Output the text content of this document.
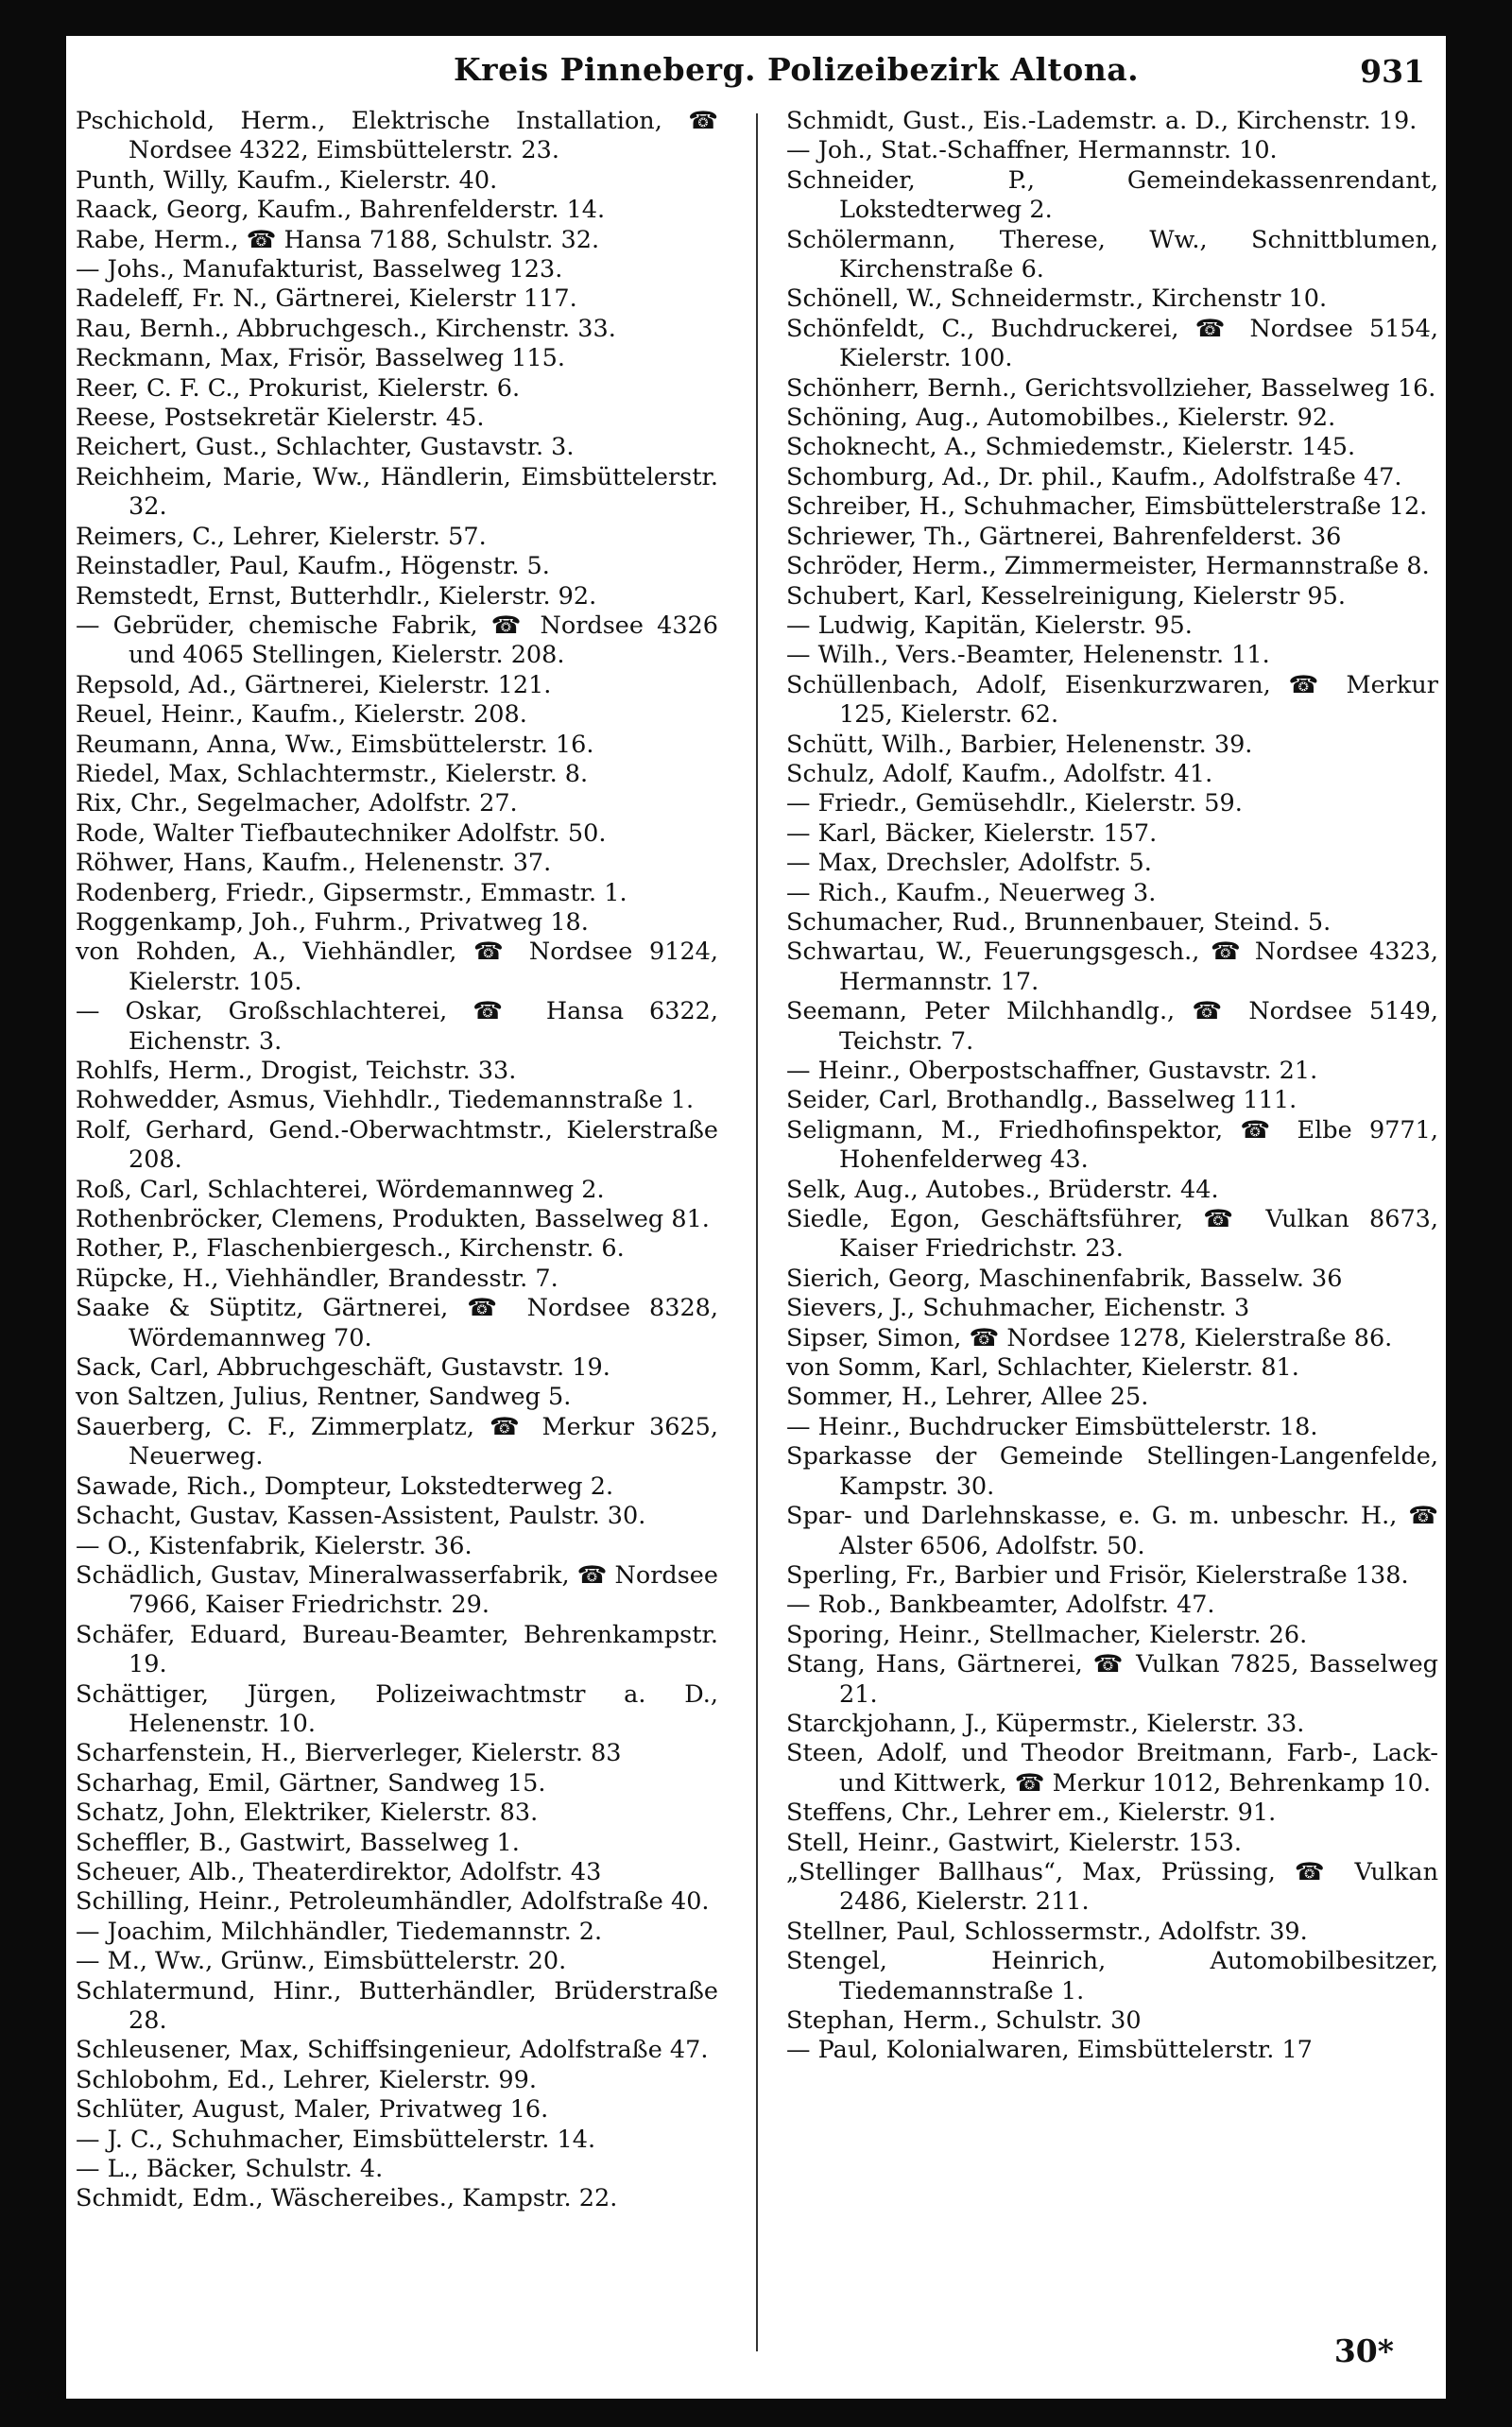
Kreis Pinneberg. Polizeibezirk Altona.	931
Pschichold, Herm., Elektrische Installation, ☎ Nordsee 4322, Eimsbüttelerstr. 23.
Punth, Willy, Kaufm., Kielerstr. 40.
Raack, Georg, Kaufm., Bahrenfelderstr. 14.
Rabe, Herm., ☎ Hansa 7188, Schulstr. 32.
— Johs., Manufakturist, Basselweg 123.
Radeleff, Fr. N., Gärtnerei, Kielerstr 117.
Rau, Bernh., Abbruchgesch., Kirchenstr. 33.
Reckmann, Max, Frisör, Basselweg 115.
Reer, C. F. C., Prokurist, Kielerstr. 6.
Reese, Postsekretär Kielerstr. 45.
Reichert, Gust., Schlachter, Gustavstr. 3.
Reichheim, Marie, Ww., Händlerin, Eimsbüttelerstr. 32.
Reimers, C., Lehrer, Kielerstr. 57.
Reinstadler, Paul, Kaufm., Högenstr. 5.
Remstedt, Ernst, Butterhdlr., Kielerstr. 92.
— Gebrüder, chemische Fabrik, ☎ Nordsee 4326 und 4065 Stellingen, Kielerstr. 208.
Repsold, Ad., Gärtnerei, Kielerstr. 121.
Reuel, Heinr., Kaufm., Kielerstr. 208.
Reumann, Anna, Ww., Eimsbüttelerstr. 16.
Riedel, Max, Schlachtermstr., Kielerstr. 8.
Rix, Chr., Segelmacher, Adolfstr. 27.
Rode, Walter Tiefbautechniker Adolfstr. 50.
Röhwer, Hans, Kaufm., Helenenstr. 37.
Rodenberg, Friedr., Gipsermstr., Emmastr. 1.
Roggenkamp, Joh., Fuhrm., Privatweg 18.
von Rohden, A., Viehhändler, ☎ Nordsee 9124, Kielerstr. 105.
— Oskar, Großschlachterei, ☎ Hansa 6322, Eichenstr. 3.
Rohlfs, Herm., Drogist, Teichstr. 33.
Rohwedder, Asmus, Viehhdlr., Tiedemannstraße 1.
Rolf, Gerhard, Gend.-Oberwachtmstr., Kielerstraße 208.
Roß, Carl, Schlachterei, Wördemannweg 2.
Rothenbröcker, Clemens, Produkten, Basselweg 81.
Rother, P., Flaschenbiergesch., Kirchenstr. 6.
Rüpcke, H., Viehhändler, Brandesstr. 7.
Saake & Süptitz, Gärtnerei, ☎ Nordsee 8328, Wördemannweg 70.
Sack, Carl, Abbruchgeschäft, Gustavstr. 19.
von Saltzen, Julius, Rentner, Sandweg 5.
Sauerberg, C. F., Zimmerplatz, ☎ Merkur 3625, Neuerweg.
Sawade, Rich., Dompteur, Lokstedterweg 2.
Schacht, Gustav, Kassen-Assistent, Paulstr. 30.
— O., Kistenfabrik, Kielerstr. 36.
Schädlich, Gustav, Mineralwasserfabrik, ☎ Nordsee 7966, Kaiser Friedrichstr. 29.
Schäfer, Eduard, Bureau-Beamter, Behrenkampstr. 19.
Schättiger, Jürgen, Polizeiwachtmstr a. D., Helenenstr. 10.
Scharfenstein, H., Bierverleger, Kielerstr. 83
Scharhag, Emil, Gärtner, Sandweg 15.
Schatz, John, Elektriker, Kielerstr. 83.
Scheffler, B., Gastwirt, Basselweg 1.
Scheuer, Alb., Theaterdirektor, Adolfstr. 43
Schilling, Heinr., Petroleumhändler, Adolfstraße 40.
— Joachim, Milchhändler, Tiedemannstr. 2.
— M., Ww., Grünw., Eimsbüttelerstr. 20.
Schlatermund, Hinr., Butterhändler, Brüderstraße 28.
Schleusener, Max, Schiffsingenieur, Adolfstraße 47.
Schlobohm, Ed., Lehrer, Kielerstr. 99.
Schlüter, August, Maler, Privatweg 16.
— J. C., Schuhmacher, Eimsbüttelerstr. 14.
— L., Bäcker, Schulstr. 4.
Schmidt, Edm., Wäschereibes., Kampstr. 22.
Schmidt, Gust., Eis.-Lademstr. a. D., Kirchenstr. 19.
— Joh., Stat.-Schaffner, Hermannstr. 10.
Schneider, P., Gemeindekassenrendant, Lokstedterweg 2.
Schölermann, Therese, Ww., Schnittblumen, Kirchenstraße 6.
Schönell, W., Schneidermstr., Kirchenstr 10.
Schönfeldt, C., Buchdruckerei, ☎ Nordsee 5154, Kielerstr. 100.
Schönherr, Bernh., Gerichtsvollzieher, Basselweg 16.
Schöning, Aug., Automobilbes., Kielerstr. 92.
Schoknecht, A., Schmiedemstr., Kielerstr. 145.
Schomburg, Ad., Dr. phil., Kaufm., Adolfstraße 47.
Schreiber, H., Schuhmacher, Eimsbüttelerstraße 12.
Schriewer, Th., Gärtnerei, Bahrenfelderst. 36
Schröder, Herm., Zimmermeister, Hermannstraße 8.
Schubert, Karl, Kesselreinigung, Kielerstr 95.
— Ludwig, Kapitän, Kielerstr. 95.
— Wilh., Vers.-Beamter, Helenenstr. 11.
Schüllenbach, Adolf, Eisenkurzwaren, ☎ Merkur 125, Kielerstr. 62.
Schütt, Wilh., Barbier, Helenenstr. 39.
Schulz, Adolf, Kaufm., Adolfstr. 41.
— Friedr., Gemüsehdlr., Kielerstr. 59.
— Karl, Bäcker, Kielerstr. 157.
— Max, Drechsler, Adolfstr. 5.
— Rich., Kaufm., Neuerweg 3.
Schumacher, Rud., Brunnenbauer, Steind. 5.
Schwartau, W., Feuerungsgesch., ☎ Nordsee 4323, Hermannstr. 17.
Seemann, Peter Milchhandlg., ☎ Nordsee 5149, Teichstr. 7.
— Heinr., Oberpostschaffner, Gustavstr. 21.
Seider, Carl, Brothandlg., Basselweg 111.
Seligmann, M., Friedhofinspektor, ☎ Elbe 9771, Hohenfelderweg 43.
Selk, Aug., Autobes., Brüderstr. 44.
Siedle, Egon, Geschäftsführer, ☎ Vulkan 8673, Kaiser Friedrichstr. 23.
Sierich, Georg, Maschinenfabrik, Basselw. 36
Sievers, J., Schuhmacher, Eichenstr. 3
Sipser, Simon, ☎ Nordsee 1278, Kielerstraße 86.
von Somm, Karl, Schlachter, Kielerstr. 81.
Sommer, H., Lehrer, Allee 25.
— Heinr., Buchdrucker Eimsbüttelerstr. 18.
Sparkasse der Gemeinde Stellingen-Langenfelde, Kampstr. 30.
Spar- und Darlehnskasse, e. G. m. unbeschr. H., ☎ Alster 6506, Adolfstr. 50.
Sperling, Fr., Barbier und Frisör, Kielerstraße 138.
— Rob., Bankbeamter, Adolfstr. 47.
Sporing, Heinr., Stellmacher, Kielerstr. 26.
Stang, Hans, Gärtnerei, ☎ Vulkan 7825, Basselweg 21.
Starckjohann, J., Küpermstr., Kielerstr. 33.
Steen, Adolf, und Theodor Breitmann, Farb-, Lack- und Kittwerk, ☎ Merkur 1012, Behrenkamp 10.
Steffens, Chr., Lehrer em., Kielerstr. 91.
Stell, Heinr., Gastwirt, Kielerstr. 153.
„Stellinger Ballhaus“, Max, Prüssing, ☎ Vulkan 2486, Kielerstr. 211.
Stellner, Paul, Schlossermstr., Adolfstr. 39.
Stengel, Heinrich, Automobilbesitzer, Tiedemannstraße 1.
Stephan, Herm., Schulstr. 30
— Paul, Kolonialwaren, Eimsbüttelerstr. 17
30*
